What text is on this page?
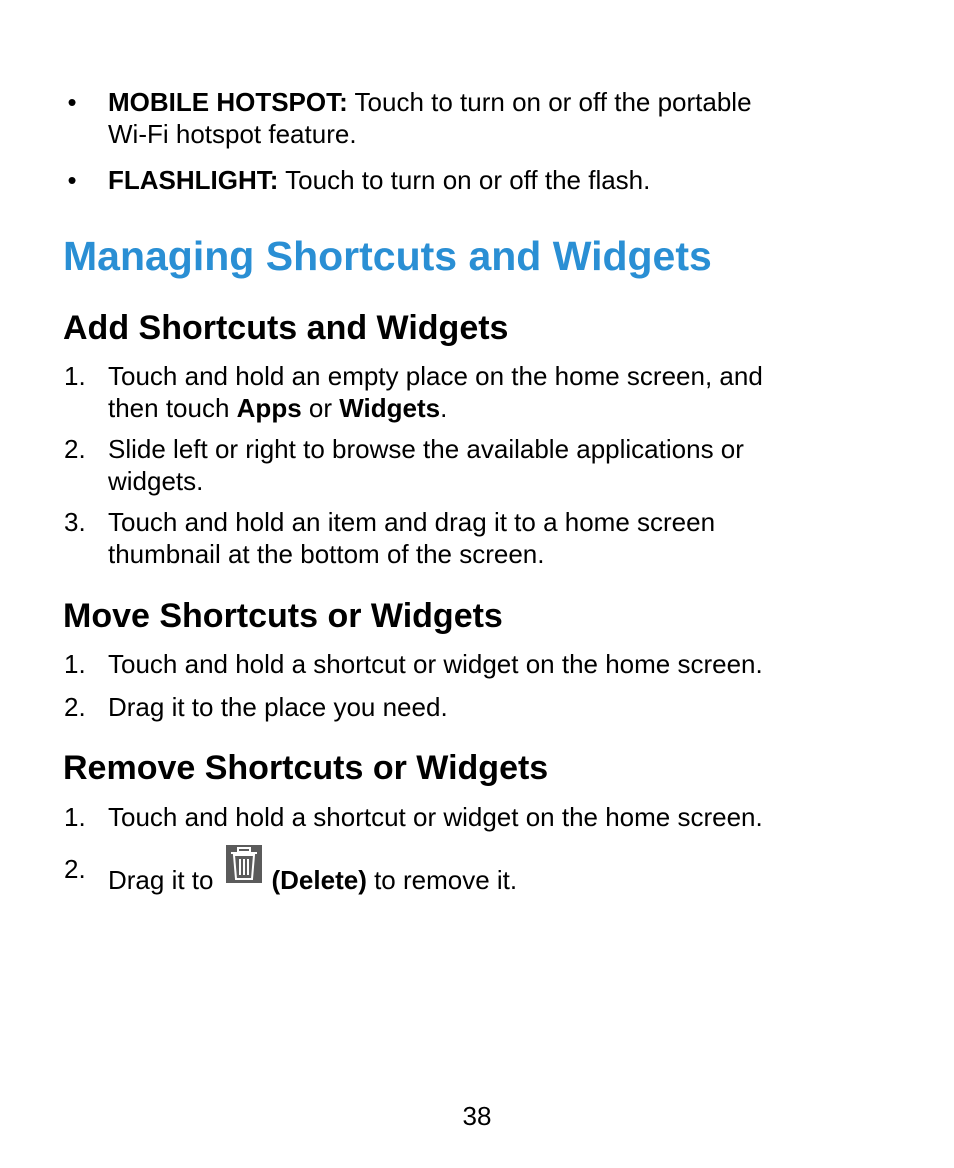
• MOBILE HOTSPOT: Touch to turn on or off the portable
Wi-Fi hotspot feature.
• FLASHLIGHT: Touch to turn on or off the flash.
Managing Shortcuts and Widgets
Add Shortcuts and Widgets
1. Touch and hold an empty place on the home screen, and
then touch Apps or Widgets.
2. Slide left or right to browse the available applications or
widgets.
3. Touch and hold an item and drag it to a home screen
thumbnail at the bottom of the screen.
Move Shortcuts or Widgets
1. Touch and hold a shortcut or widget on the home screen.
2. Drag it to the place you need.
Remove Shortcuts or Widgets
1. Touch and hold a shortcut or widget on the home screen.
2. Drag it to (Delete) to remove it.
38
